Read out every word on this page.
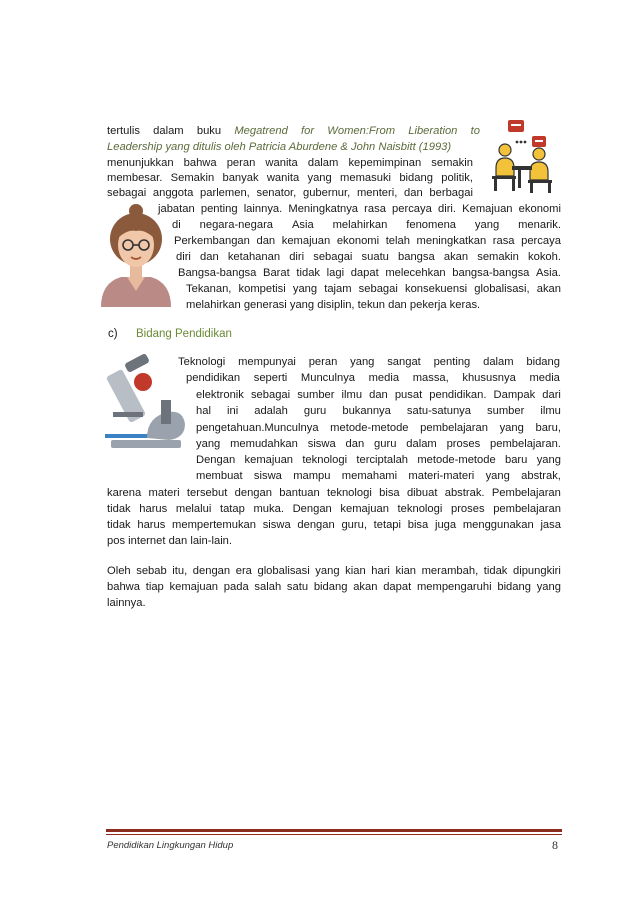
tertulis dalam buku Megatrend for Women:From Liberation to
Leadership yang ditulis oleh Patricia Aburdene & John Naisbitt (1993)
menunjukkan bahwa peran wanita dalam kepemimpinan semakin
membesar. Semakin banyak wanita yang memasuki bidang politik,
sebagai anggota parlemen, senator, gubernur, menteri, dan berbagai
jabatan penting lainnya. Meningkatnya rasa percaya diri. Kemajuan ekonomi
di negara-negara Asia melahirkan fenomena yang menarik.
Perkembangan dan kemajuan ekonomi telah meningkatkan rasa percaya
diri dan ketahanan diri sebagai suatu bangsa akan semakin kokoh.
Bangsa-bangsa Barat tidak lagi dapat melecehkan bangsa-bangsa Asia.
Tekanan, kompetisi yang tajam sebagai konsekuensi globalisasi, akan
melahirkan generasi yang disiplin, tekun dan pekerja keras.
c) Bidang Pendidikan
Teknologi mempunyai peran yang sangat penting dalam bidang
pendidikan seperti Munculnya media massa, khususnya media
elektronik sebagai sumber ilmu dan pusat pendidikan. Dampak dari
hal ini adalah guru bukannya satu-satunya sumber ilmu
pengetahuan.Munculnya metode-metode pembelajaran yang baru,
yang memudahkan siswa dan guru dalam proses pembelajaran.
Dengan kemajuan teknologi terciptalah metode-metode baru yang
membuat siswa mampu memahami materi-materi yang abstrak,
karena materi tersebut dengan bantuan teknologi bisa dibuat abstrak. Pembelajaran
tidak harus melalui tatap muka. Dengan kemajuan teknologi proses pembelajaran
tidak harus mempertemukan siswa dengan guru, tetapi bisa juga menggunakan jasa
pos internet dan lain-lain.
Oleh sebab itu, dengan era globalisasi yang kian hari kian merambah, tidak dipungkiri
bahwa tiap kemajuan pada salah satu bidang akan dapat mempengaruhi bidang yang
lainnya.
Pendidikan Lingkungan Hidup	8
